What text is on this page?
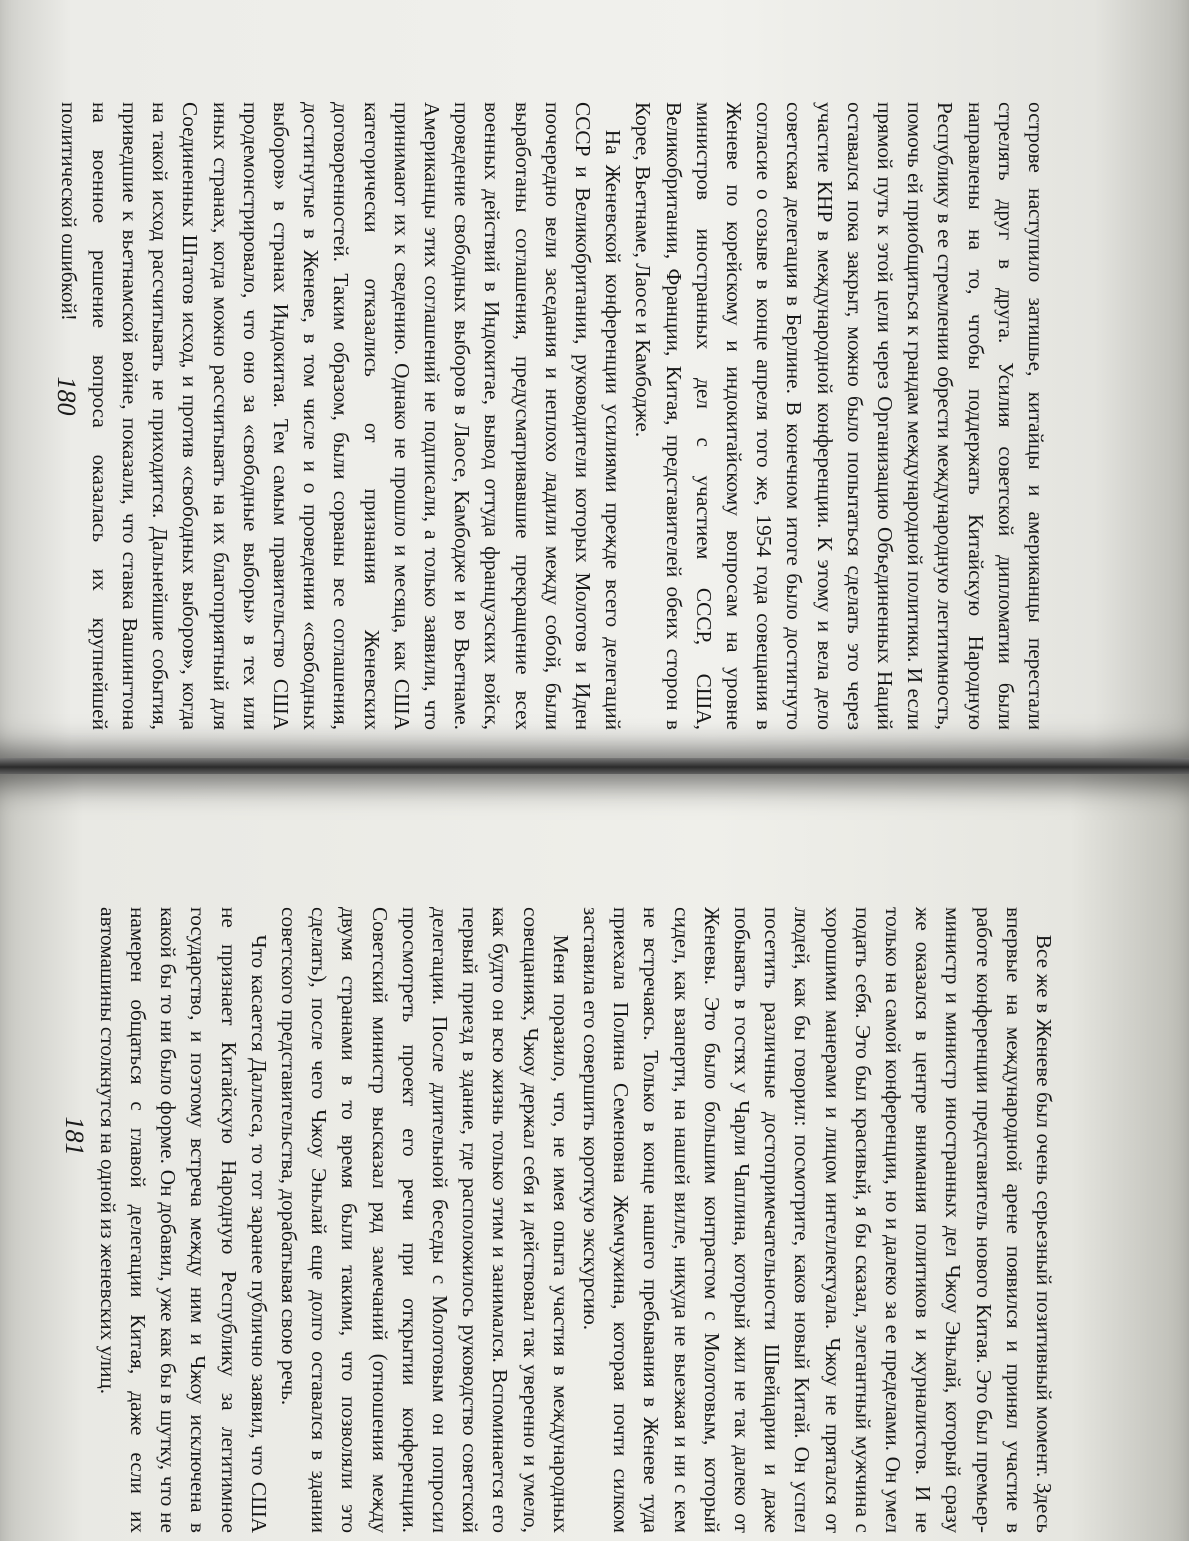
острове наступило затишье, китайцы и американцы перестали стрелять друг в друга. Усилия советской дипломатии были направлены на то, чтобы поддержать Китайскую Народную Республику в ее стремлении обрести международную легитимность, помочь ей приобщиться к грандам международной политики. И если прямой путь к этой цели через Организацию Объединенных Наций оставался пока закрыт, можно было попытаться сделать это через участие КНР в международной конференции. К этому и вела дело советская делегация в Берлине. В конечном итоге было достигнуто согласие о созыве в конце апреля того же, 1954 года совещания в Женеве по корейскому и индокитайскому вопросам на уровне министров иностранных дел с участием СССР, США, Великобритании, Франции, Китая, представителей обеих сторон в Корее, Вьетнаме, Лаосе и Камбодже.

На Женевской конференции усилиями прежде всего делегаций СССР и Великобритании, руководители которых Молотов и Иден поочередно вели заседания и неплохо ладили между собой, были выработаны соглашения, предусматривавшие прекращение всех военных действий в Индокитае, вывод оттуда французских войск, проведение свободных выборов в Лаосе, Камбодже и во Вьетнаме. Американцы этих соглашений не подписали, а только заявили, что принимают их к сведению. Однако не прошло и месяца, как США категорически отказались от признания Женевских договоренностей. Таким образом, были сорваны все соглашения, достигнутые в Женеве, в том числе и о проведении «свободных выборов» в странах Индокитая. Тем самым правительство США продемонстрировало, что оно за «свободные выборы» в тех или иных странах, когда можно рассчитывать на их благоприятный для Соединенных Штатов исход, и против «свободных выборов», когда на такой исход рассчитывать не приходится. Дальнейшие события, приведшие к вьетнамской войне, показали, что ставка Вашингтона на военное решение вопроса оказалась их крупнейшей политической ошибкой!

180

Все же в Женеве был очень серьезный позитивный момент. Здесь впервые на международной арене появился и принял участие в работе конференции представитель нового Китая. Это был премьер-министр и министр иностранных дел Чжоу Эньлай, который сразу же оказался в центре внимания политиков и журналистов. И не только на самой конференции, но и далеко за ее пределами. Он умел подать себя. Это был красивый, я бы сказал, элегантный мужчина с хорошими манерами и лицом интеллектуала. Чжоу не прятался от людей, как бы говорил: посмотрите, каков новый Китай. Он успел посетить различные достопримечательности Швейцарии и даже побывать в гостях у Чарли Чаплина, который жил не так далеко от Женевы. Это было большим контрастом с Молотовым, который сидел, как взаперти, на нашей вилле, никуда не выезжая и ни с кем не встречаясь. Только в конце нашего пребывания в Женеве туда приехала Полина Семеновна Жемчужина, которая почти силком заставила его совершить короткую экскурсию.

Меня поразило, что, не имея опыта участия в международных совещаниях, Чжоу держал себя и действовал так уверенно и умело, как будто он всю жизнь только этим и занимался. Вспоминается его первый приезд в здание, где расположилось руководство советской делегации. После длительной беседы с Молотовым он попросил просмотреть проект его речи при открытии конференции. Советский министр высказал ряд замечаний (отношения между двумя странами в то время были такими, что позволяли это сделать), после чего Чжоу Эньлай еще долго оставался в здании советского представительства, дорабатывая свою речь.

Что касается Даллеса, то тот заранее публично заявил, что США не признает Китайскую Народную Республику за легитимное государство, и поэтому встреча между ним и Чжоу исключена в какой бы то ни было форме. Он добавил, уже как бы в шутку, что не намерен общаться с главой делегации Китая, даже если их автомашины столкнутся на одной из женевских улиц.

181
